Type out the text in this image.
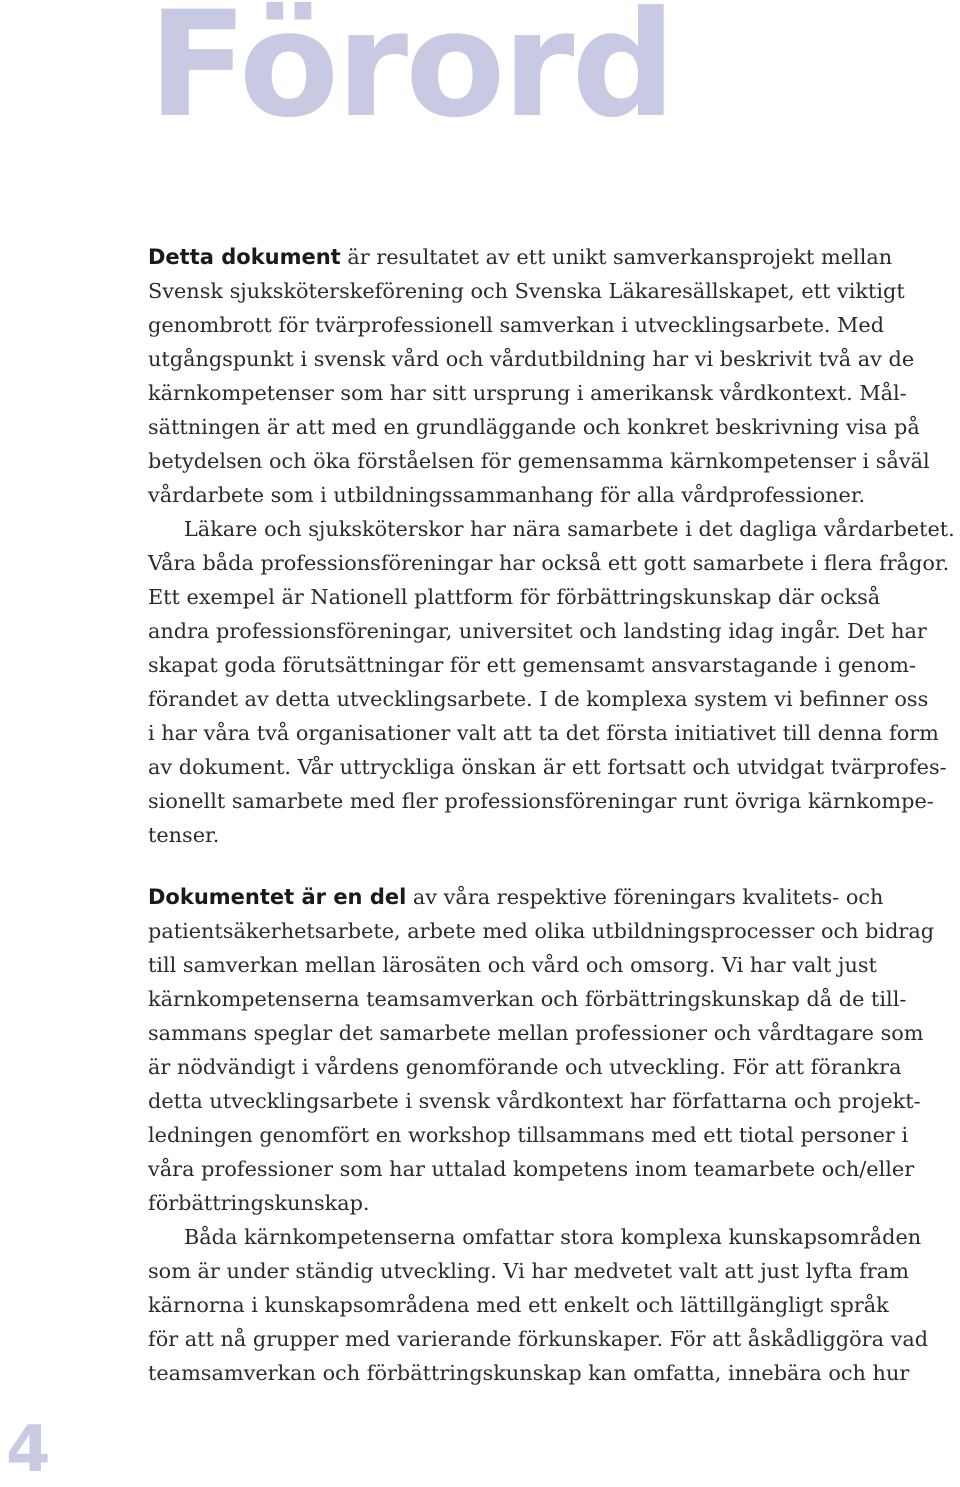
Förord

Detta dokument är resultatet av ett unikt samverkansprojekt mellan
Svensk sjuksköterskeförening och Svenska Läkaresällskapet, ett viktigt
genombrott för tvärprofessionell samverkan i utvecklingsarbete. Med
utgångspunkt i svensk vård och vårdutbildning har vi beskrivit två av de
kärnkompetenser som har sitt ursprung i amerikansk vårdkontext. Mål-
sättningen är att med en grundläggande och konkret beskrivning visa på
betydelsen och öka förståelsen för gemensamma kärnkompetenser i såväl
vårdarbete som i utbildningssammanhang för alla vårdprofessioner.

Läkare och sjuksköterskor har nära samarbete i det dagliga vårdarbetet.
Våra båda professionsföreningar har också ett gott samarbete i flera frågor.
Ett exempel är Nationell plattform för förbättringskunskap där också
andra professionsföreningar, universitet och landsting idag ingår. Det har
skapat goda förutsättningar för ett gemensamt ansvarstagande i genom-
förandet av detta utvecklingsarbete. I de komplexa system vi befinner oss
i har våra två organisationer valt att ta det första initiativet till denna form
av dokument. Vår uttryckliga önskan är ett fortsatt och utvidgat tvärprofes-
sionellt samarbete med fler professionsföreningar runt övriga kärnkompe-
tenser.

Dokumentet är en del av våra respektive föreningars kvalitets- och
patientsäkerhetsarbete, arbete med olika utbildningsprocesser och bidrag
till samverkan mellan lärosäten och vård och omsorg. Vi har valt just
kärnkompetenserna teamsamverkan och förbättringskunskap då de till-
sammans speglar det samarbete mellan professioner och vårdtagare som
är nödvändigt i vårdens genomförande och utveckling. För att förankra
detta utvecklingsarbete i svensk vårdkontext har författarna och projekt-
ledningen genomfört en workshop tillsammans med ett tiotal personer i
våra professioner som har uttalad kompetens inom teamarbete och/eller
förbättringskunskap.

Båda kärnkompetenserna omfattar stora komplexa kunskapsområden
som är under ständig utveckling. Vi har medvetet valt att just lyfta fram
kärnorna i kunskapsområdena med ett enkelt och lättillgängligt språk
för att nå grupper med varierande förkunskaper. För att åskådliggöra vad
teamsamverkan och förbättringskunskap kan omfatta, innebära och hur

4
